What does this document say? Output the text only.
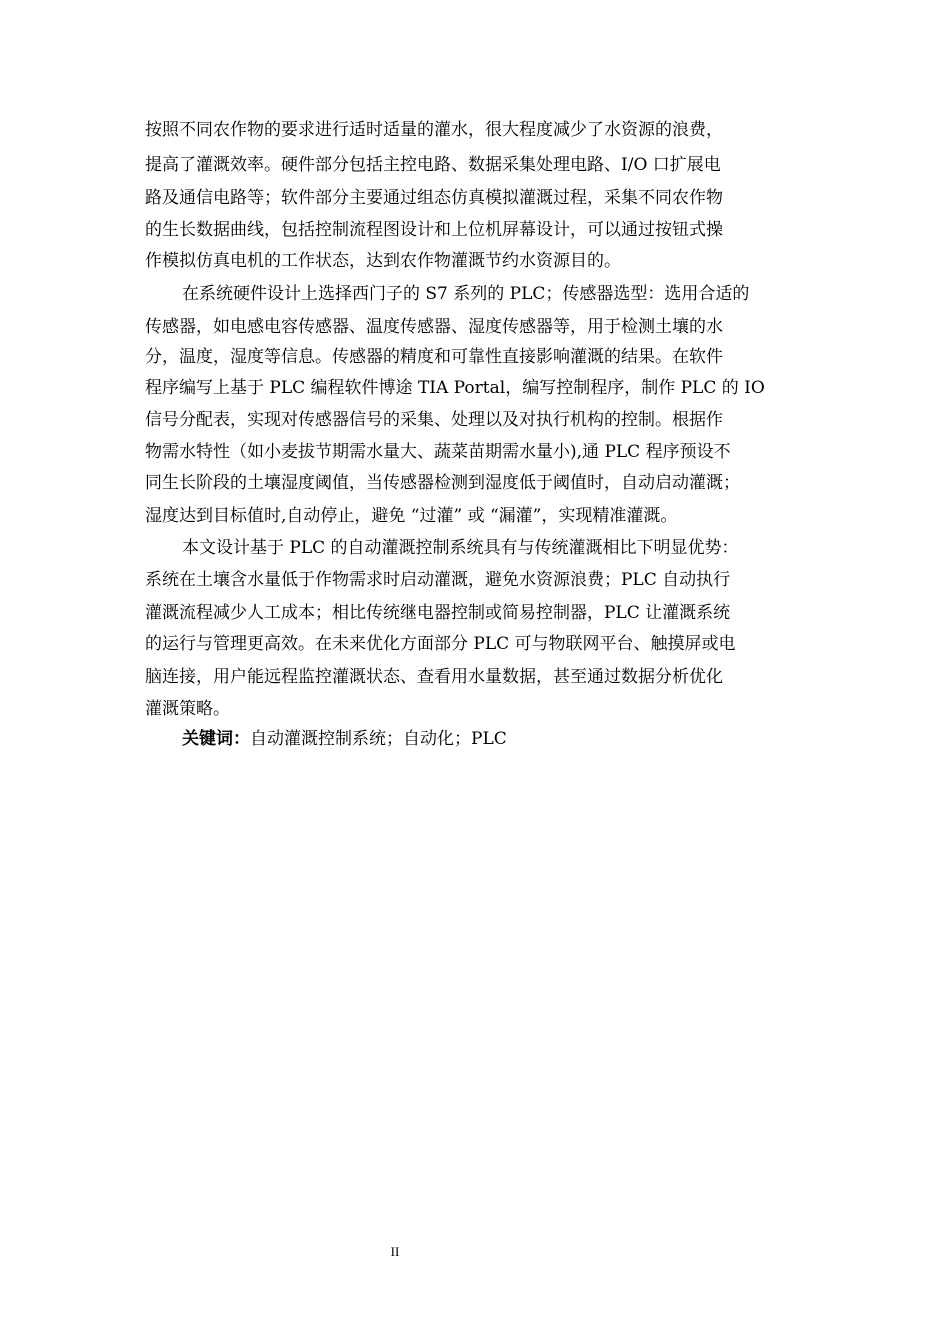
按照不同农作物的要求进行适时适量的灌水，很大程度减少了水资源的浪费，
提高了灌溉效率。硬件部分包括主控电路、数据采集处理电路、I/O 口扩展电
路及通信电路等；软件部分主要通过组态仿真模拟灌溉过程，采集不同农作物
的生长数据曲线，包括控制流程图设计和上位机屏幕设计，可以通过按钮式操
作模拟仿真电机的工作状态，达到农作物灌溉节约水资源目的。
在系统硬件设计上选择西门子的 S7 系列的 PLC；传感器选型：选用合适的
传感器，如电感电容传感器、温度传感器、湿度传感器等，用于检测土壤的水
分，温度，湿度等信息。传感器的精度和可靠性直接影响灌溉的结果。在软件
程序编写上基于 PLC 编程软件博途 TIA Portal，编写控制程序，制作 PLC 的 IO
信号分配表，实现对传感器信号的采集、处理以及对执行机构的控制。根据作
物需水特性（如小麦拔节期需水量大、蔬菜苗期需水量小),通 PLC 程序预设不
同生长阶段的土壤湿度阈值，当传感器检测到湿度低于阈值时，自动启动灌溉；
湿度达到目标值时,自动停止，避免 “过灌” 或 “漏灌”，实现精准灌溉。
本文设计基于 PLC 的自动灌溉控制系统具有与传统灌溉相比下明显优势：
系统在土壤含水量低于作物需求时启动灌溉，避免水资源浪费；PLC 自动执行
灌溉流程减少人工成本；相比传统继电器控制或简易控制器，PLC 让灌溉系统
的运行与管理更高效。在未来优化方面部分 PLC 可与物联网平台、触摸屏或电
脑连接，用户能远程监控灌溉状态、查看用水量数据，甚至通过数据分析优化
灌溉策略。
关键词：自动灌溉控制系统；自动化；PLC
II
